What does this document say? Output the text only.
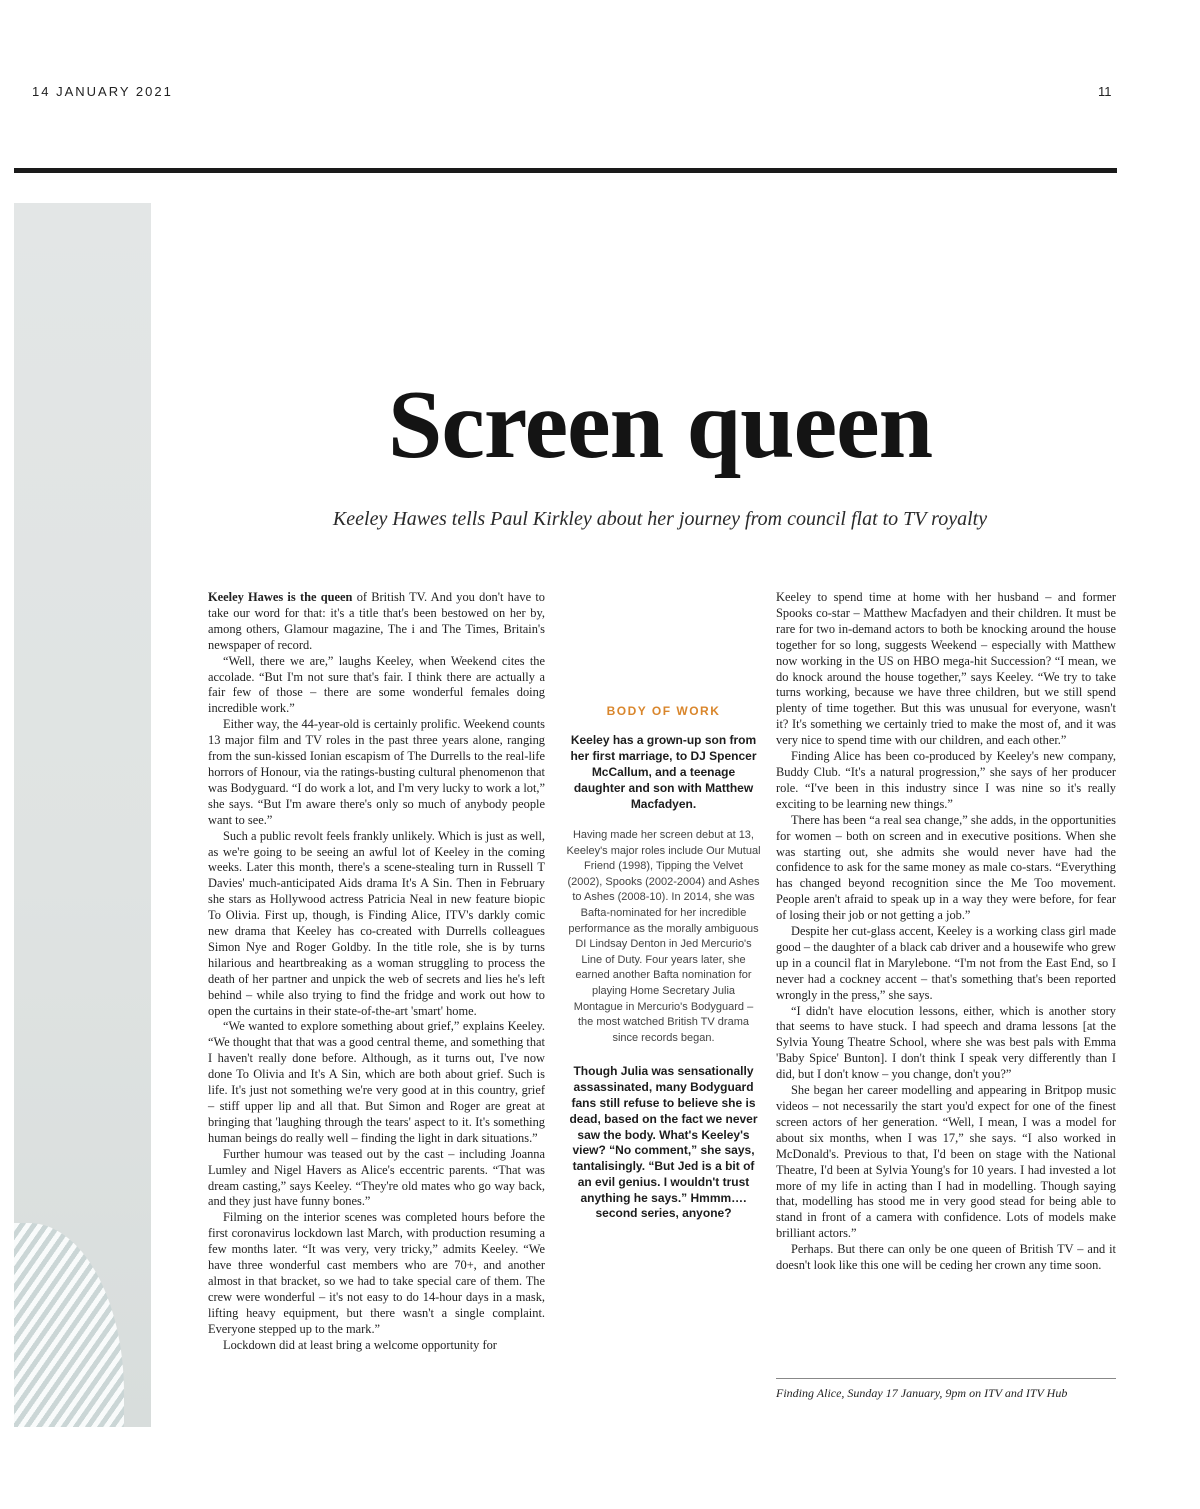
14 JANUARY 2021	11
Screen queen
Keeley Hawes tells Paul Kirkley about her journey from council flat to TV royalty

Keeley Hawes is the queen of British TV. And you don't have to take our word for that: it's a title that's been bestowed on her by, among others, Glamour magazine, The i and The Times, Britain's newspaper of record.

“Well, there we are,” laughs Keeley, when Weekend cites the accolade. “But I'm not sure that's fair. I think there are actually a fair few of those – there are some wonderful females doing incredible work.”

Either way, the 44-year-old is certainly prolific. Weekend counts 13 major film and TV roles in the past three years alone, ranging from the sun-kissed Ionian escapism of The Durrells to the real-life horrors of Honour, via the ratings-busting cultural phenomenon that was Bodyguard. “I do work a lot, and I'm very lucky to work a lot,” she says. “But I'm aware there's only so much of anybody people want to see.”

Such a public revolt feels frankly unlikely. Which is just as well, as we're going to be seeing an awful lot of Keeley in the coming weeks. Later this month, there's a scene-stealing turn in Russell T Davies' much-anticipated Aids drama It's A Sin. Then in February she stars as Hollywood actress Patricia Neal in new feature biopic To Olivia. First up, though, is Finding Alice, ITV's darkly comic new drama that Keeley has co-created with Durrells colleagues Simon Nye and Roger Goldby. In the title role, she is by turns hilarious and heartbreaking as a woman struggling to process the death of her partner and unpick the web of secrets and lies he's left behind – while also trying to find the fridge and work out how to open the curtains in their state-of-the-art 'smart' home.

“We wanted to explore something about grief,” explains Keeley. “We thought that that was a good central theme, and something that I haven't really done before. Although, as it turns out, I've now done To Olivia and It's A Sin, which are both about grief. Such is life. It's just not something we're very good at in this country, grief – stiff upper lip and all that. But Simon and Roger are great at bringing that 'laughing through the tears' aspect to it. It's something human beings do really well – finding the light in dark situations.”

Further humour was teased out by the cast – including Joanna Lumley and Nigel Havers as Alice's eccentric parents. “That was dream casting,” says Keeley. “They're old mates who go way back, and they just have funny bones.”

Filming on the interior scenes was completed hours before the first coronavirus lockdown last March, with production resuming a few months later. “It was very, very tricky,” admits Keeley. “We have three wonderful cast members who are 70+, and another almost in that bracket, so we had to take special care of them. The crew were wonderful – it's not easy to do 14-hour days in a mask, lifting heavy equipment, but there wasn't a single complaint. Everyone stepped up to the mark.”

Lockdown did at least bring a welcome opportunity for

BODY OF WORK
Keeley has a grown-up son from her first marriage, to DJ Spencer McCallum, and a teenage daughter and son with Matthew Macfadyen.
Having made her screen debut at 13, Keeley's major roles include Our Mutual Friend (1998), Tipping the Velvet (2002), Spooks (2002-2004) and Ashes to Ashes (2008-10). In 2014, she was Bafta-nominated for her incredible performance as the morally ambiguous DI Lindsay Denton in Jed Mercurio's Line of Duty. Four years later, she earned another Bafta nomination for playing Home Secretary Julia Montague in Mercurio's Bodyguard – the most watched British TV drama since records began.
Though Julia was sensationally assassinated, many Bodyguard fans still refuse to believe she is dead, based on the fact we never saw the body. What's Keeley's view? “No comment,” she says, tantalisingly. “But Jed is a bit of an evil genius. I wouldn't trust anything he says.” Hmmm…. second series, anyone?

Keeley to spend time at home with her husband – and former Spooks co-star – Matthew Macfadyen and their children. It must be rare for two in-demand actors to both be knocking around the house together for so long, suggests Weekend – especially with Matthew now working in the US on HBO mega-hit Succession? “I mean, we do knock around the house together,” says Keeley. “We try to take turns working, because we have three children, but we still spend plenty of time together. But this was unusual for everyone, wasn't it? It's something we certainly tried to make the most of, and it was very nice to spend time with our children, and each other.”

Finding Alice has been co-produced by Keeley's new company, Buddy Club. “It's a natural progression,” she says of her producer role. “I've been in this industry since I was nine so it's really exciting to be learning new things.”

There has been “a real sea change,” she adds, in the opportunities for women – both on screen and in executive positions. When she was starting out, she admits she would never have had the confidence to ask for the same money as male co-stars. “Everything has changed beyond recognition since the Me Too movement. People aren't afraid to speak up in a way they were before, for fear of losing their job or not getting a job.”

Despite her cut-glass accent, Keeley is a working class girl made good – the daughter of a black cab driver and a housewife who grew up in a council flat in Marylebone. “I'm not from the East End, so I never had a cockney accent – that's something that's been reported wrongly in the press,” she says.

“I didn't have elocution lessons, either, which is another story that seems to have stuck. I had speech and drama lessons [at the Sylvia Young Theatre School, where she was best pals with Emma 'Baby Spice' Bunton]. I don't think I speak very differently than I did, but I don't know – you change, don't you?”

She began her career modelling and appearing in Britpop music videos – not necessarily the start you'd expect for one of the finest screen actors of her generation. “Well, I mean, I was a model for about six months, when I was 17,” she says. “I also worked in McDonald's. Previous to that, I'd been on stage with the National Theatre, I'd been at Sylvia Young's for 10 years. I had invested a lot more of my life in acting than I had in modelling. Though saying that, modelling has stood me in very good stead for being able to stand in front of a camera with confidence. Lots of models make brilliant actors.”

Perhaps. But there can only be one queen of British TV – and it doesn't look like this one will be ceding her crown any time soon.

Finding Alice, Sunday 17 January, 9pm on ITV and ITV Hub
